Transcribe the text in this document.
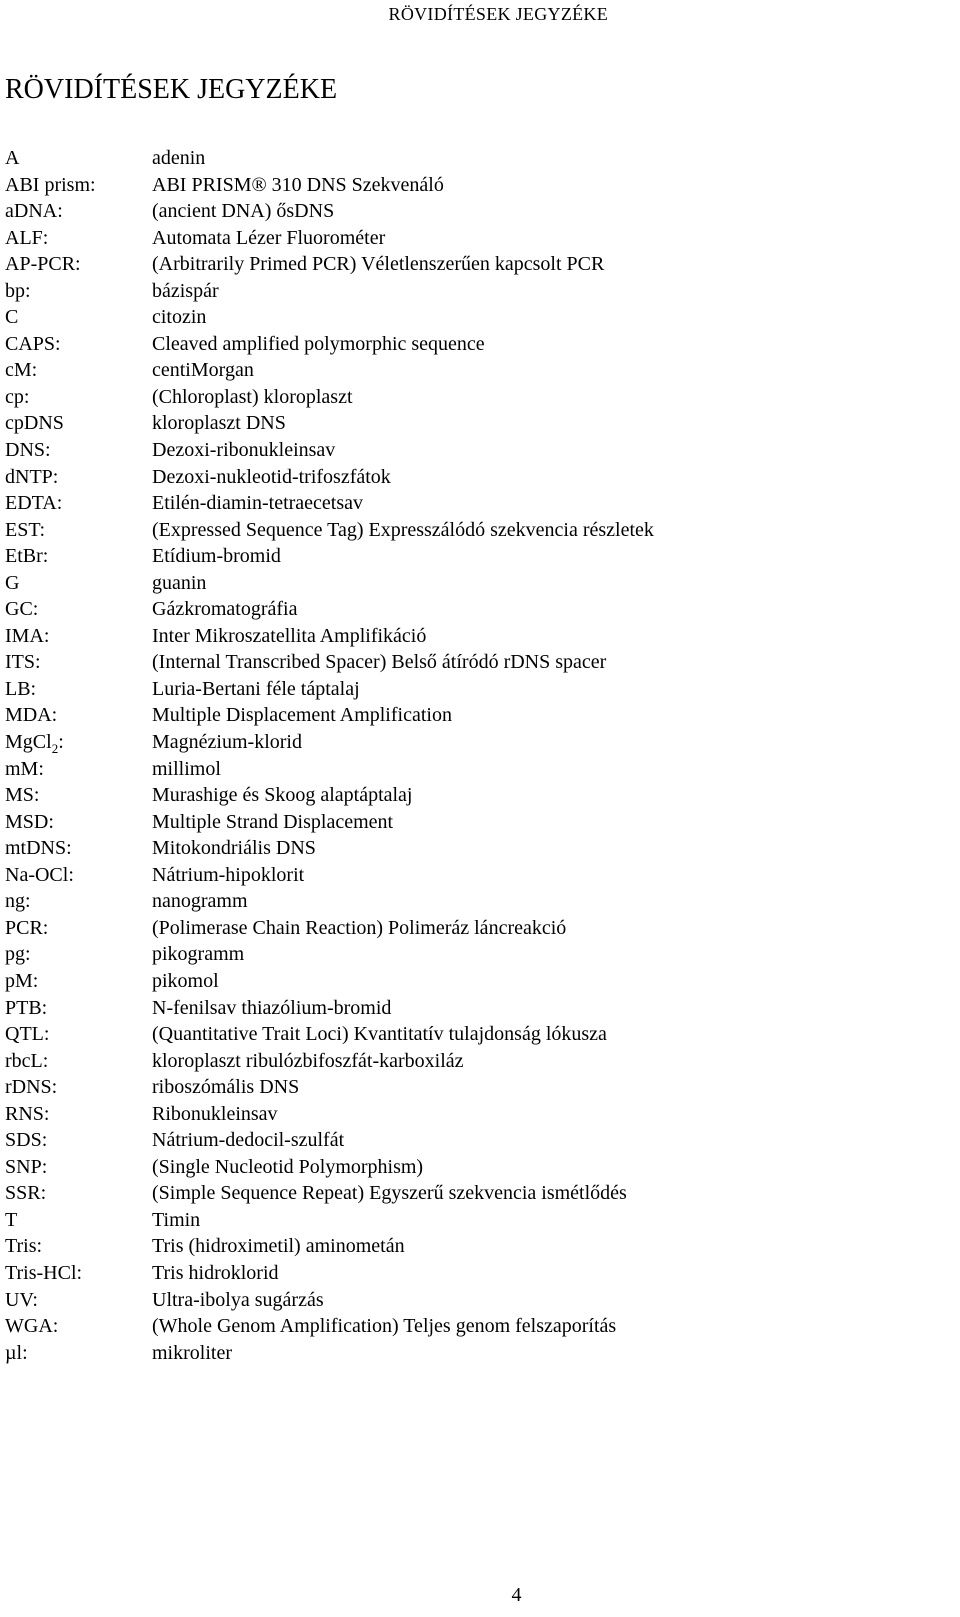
RÖVIDÍTÉSEK JEGYZÉKE
RÖVIDÍTÉSEK JEGYZÉKE
A	adenin
ABI prism:	ABI PRISM® 310 DNS Szekvenáló
aDNA:	(ancient DNA) ősDNS
ALF:	Automata Lézer Fluorométer
AP-PCR:	(Arbitrarily Primed PCR) Véletlenszerűen kapcsolt PCR
bp:	bázispár
C	citozin
CAPS:	Cleaved amplified polymorphic sequence
cM:	centiMorgan
cp:	(Chloroplast) kloroplaszt
cpDNS	kloroplaszt DNS
DNS:	Dezoxi-ribonukleinsav
dNTP:	Dezoxi-nukleotid-trifoszfátok
EDTA:	Etilén-diamin-tetraecetsav
EST:	(Expressed Sequence Tag) Expresszálódó szekvencia részletek
EtBr:	Etídium-bromid
G	guanin
GC:	Gázkromatográfia
IMA:	Inter Mikroszatellita Amplifikáció
ITS:	(Internal Transcribed Spacer) Belső átíródó rDNS spacer
LB:	Luria-Bertani féle táptalaj
MDA:	Multiple Displacement Amplification
MgCl$_2$:	Magnézium-klorid
mM:	millimol
MS:	Murashige és Skoog alaptáptalaj
MSD:	Multiple Strand Displacement
mtDNS:	Mitokondriális DNS
Na-OCl:	Nátrium-hipoklorit
ng:	nanogramm
PCR:	(Polimerase Chain Reaction) Polimeráz láncreakció
pg:	pikogramm
pM:	pikomol
PTB:	N-fenilsav thiazólium-bromid
QTL:	(Quantitative Trait Loci) Kvantitatív tulajdonság lókusza
rbcL:	kloroplaszt ribulózbifoszfát-karboxiláz
rDNS:	riboszómális DNS
RNS:	Ribonukleinsav
SDS:	Nátrium-dedocil-szulfát
SNP:	(Single Nucleotid Polymorphism)
SSR:	(Simple Sequence Repeat) Egyszerű szekvencia ismétlődés
T	Timin
Tris:	Tris (hidroximetil) aminometán
Tris-HCl:	Tris hidroklorid
UV:	Ultra-ibolya sugárzás
WGA:	(Whole Genom Amplification) Teljes genom felszaporítás
µl:	mikroliter
4
